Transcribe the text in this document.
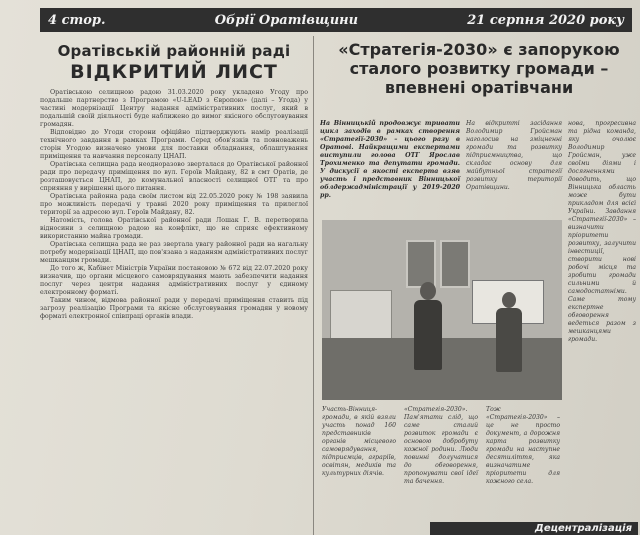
4 стор.	Обрії Оратівщини	21 серпня 2020 року
Оратівській районній раді
ВІДКРИТИЙ ЛИСТ

Оратівською селищною радою 31.03.2020 року укладено Угоду про подальше партнерство з Програмою «U-LEAD з Європою» (далі – Угода) у частині модернізації Центру надання адміністративних послуг, який в подальшій своїй діяльності буде наближено до вимог якісного обслуговування громадян.

Відповідно до Угоди сторони офіційно підтверджують намір реалізації технічного завдання в рамках Програми. Серед обов'язків та повноважень сторін Угодою визначено умови для поставки обладнання, облаштування приміщення та навчання персоналу ЦНАП.

Оратівська селищна рада неодноразово зверталася до Оратівської районної ради про передачу приміщення по вул. Героїв Майдану, 82 в смт Оратів, де розташовується ЦНАП, до комунальної власності селищної ОТГ та про сприяння у вирішенні цього питання.

Оратівська районна рада своїм листом від 22.05.2020 року № 198 заявила про можливість передачі у травні 2020 року приміщення та прилеглої території за адресою вул. Героїв Майдану, 82.

Натомість, голова Оратівської районної ради Лошак Г. В. перетворила відносини з селищною радою на конфлікт, що не сприяє ефективному використанню майна громади.

Оратівська селищна рада не раз звертала увагу районної ради на нагальну потребу модернізації ЦНАП, що пов'язана з наданням адміністративних послуг мешканцям громади.

До того ж, Кабінет Міністрів України постановою № 672 від 22.07.2020 року визначив, що органи місцевого самоврядування мають забезпечити надання послуг через центри надання адміністративних послуг у єдиному електронному форматі.

Таким чином, відмова районної ради у передачі приміщення ставить під загрозу реалізацію Програми та якісне обслуговування громадян у новому форматі електронної співпраці органів влади.

«Стратегія-2030» є запорукою сталого розвитку громади – впевнені оратівчани
На Вінницькій продовжує тривати цикл заходів в рамках створення «Стратегії-2030» – цього разу в Оратові. Найкращими експертами виступили голова ОТГ Ярослав Трохименко та депутати громади. У дискусії в якості експерта взяв участь і представник Вінницької облдержадміністрації у 2019-2020 рр.
На відкритті засідання Володимир Гройсман наголосив на зміцненні громади та розвитку підприємництва, що складає основу для майбутньої стратегії розвитку території Оратівщини.
нова, прогресивна та рідна команда, яку очолює Володимир Гройсман, уже своїми діями і досягненнями доводить, що Вінницька область може бути прикладом для всієї України. Завдання «Стратегії-2030» – визначити пріоритети розвитку, залучити інвестиції, створити нові робочі місця та зробити громади сильними й самодостатніми. Саме тому експертне обговорення ведеться разом з мешканцями громади.
Участь-Вінниця-громади, в якій взяли участь понад 160 представників органів місцевого самоврядування, підприємців, аграріїв, освітян, медиків та культурних діячів.
«Стратегія-2030». Пам'ятати слід, що саме сталий розвиток громади є основою добробуту кожної родини. Люди повинні долучатися до обговорення, пропонувати свої ідеї та бачення.
Тож «Стратегія-2030» – це не просто документ, а дорожня карта розвитку громади на наступне десятиліття, яка визначатиме пріоритети для кожного села.
Децентралізація
